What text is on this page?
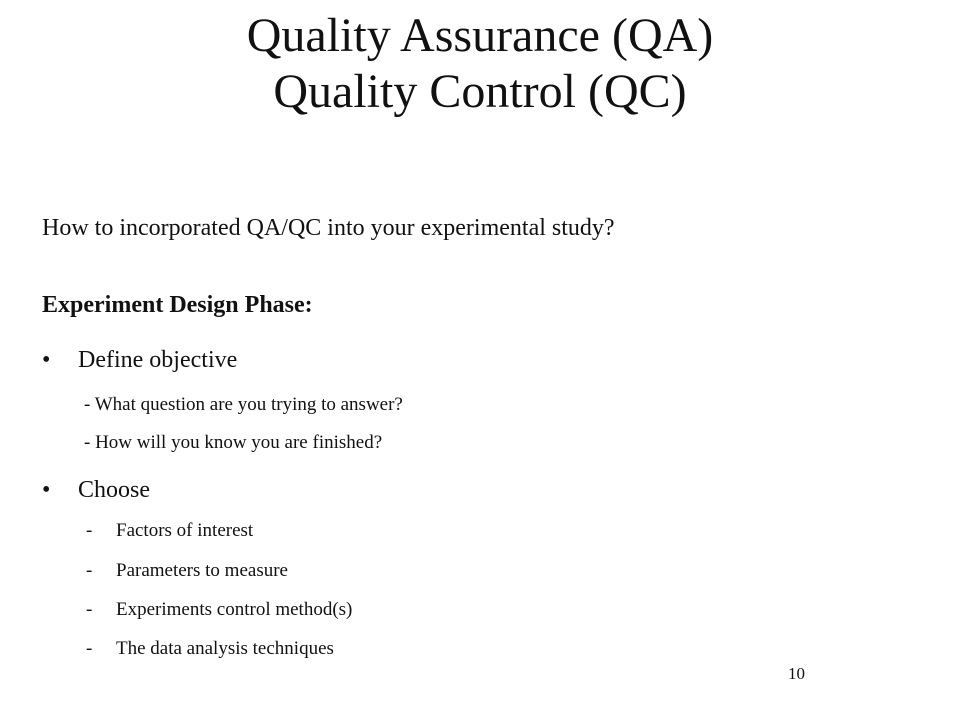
Quality Assurance (QA)
Quality Control (QC)

How to incorporated QA/QC into your experimental study?

Experiment Design Phase:

• Define objective
- What question are you trying to answer?
- How will you know you are finished?
• Choose
- Factors of interest
- Parameters to measure
- Experiments control method(s)
- The data analysis techniques
10
